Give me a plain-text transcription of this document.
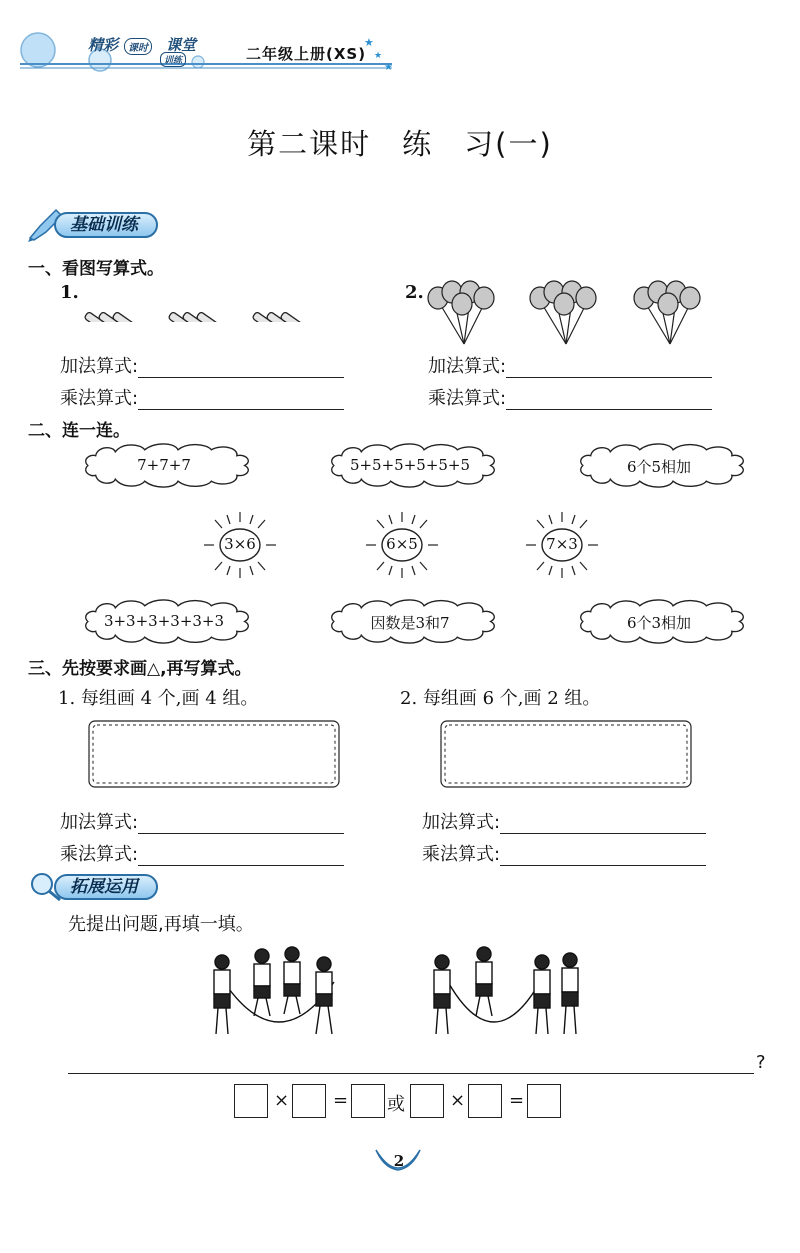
★
★
★
精彩 课时 课堂
训练	二年级上册(XS)
第二课时　练　习(一)
基础训练
一、看图写算式。
1.	2.
加法算式:
乘法算式:
加法算式:
乘法算式:
二、连一连。
7+7+7	5+5+5+5+5+5	6个5相加
3×6	6×5	7×3
3+3+3+3+3+3	因数是3和7	6个3相加
三、先按要求画△,再写算式。
1. 每组画 4 个,画 4 组。	2. 每组画 6 个,画 2 组。
加法算式:
乘法算式:
加法算式:
乘法算式:
拓展运用
先提出问题,再填一填。
?
× = 或	× =
2
